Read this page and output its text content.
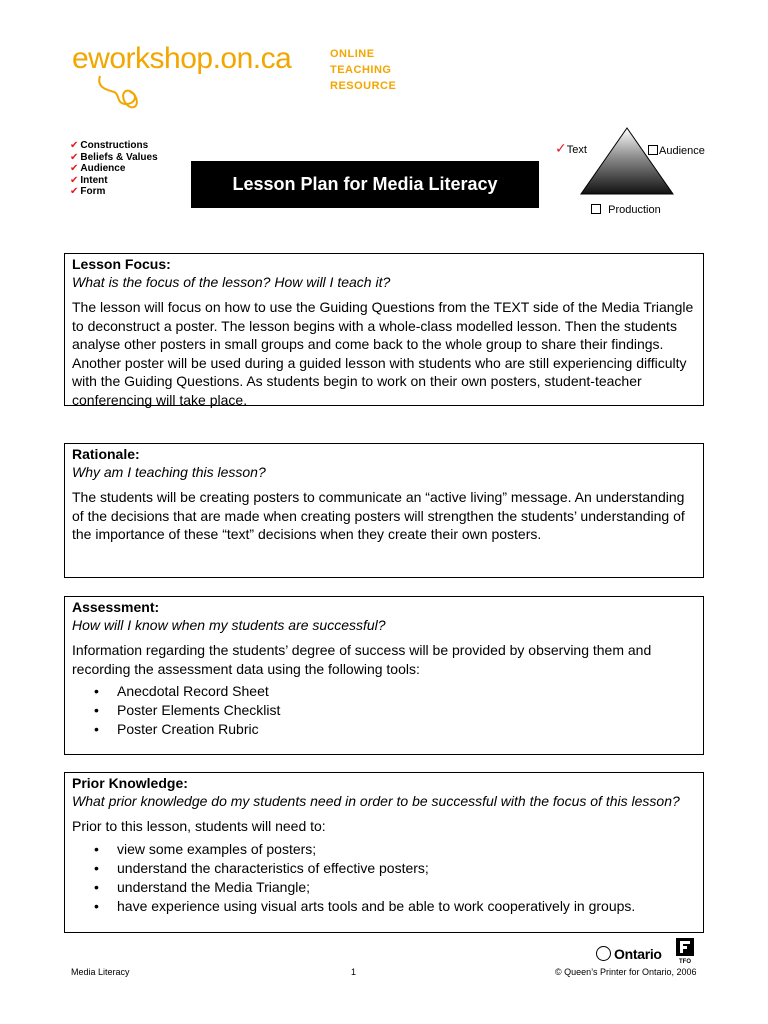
eworkshop.on.ca	ONLINE
TEACHING
RESOURCE
✔ Constructions
✔ Beliefs & Values
✔ Audience
✔ Intent
✔ Form	Lesson Plan for Media Literacy
✓Text	Audience
Production
Lesson Focus:
What is the focus of the lesson? How will I teach it?
The lesson will focus on how to use the Guiding Questions from the TEXT side of the Media Triangle to deconstruct a poster. The lesson begins with a whole-class modelled lesson. Then the students analyse other posters in small groups and come back to the whole group to share their findings. Another poster will be used during a guided lesson with students who are still experiencing difficulty with the Guiding Questions. As students begin to work on their own posters, student-teacher conferencing will take place.
Rationale:
Why am I teaching this lesson?
The students will be creating posters to communicate an “active living” message. An understanding of the decisions that are made when creating posters will strengthen the students’ understanding of the importance of these “text” decisions when they create their own posters.
Assessment:
How will I know when my students are successful?
Information regarding the students’ degree of success will be provided by observing them and recording the assessment data using the following tools:
• Anecdotal Record Sheet
• Poster Elements Checklist
• Poster Creation Rubric
Prior Knowledge:
What prior knowledge do my students need in order to be successful with the focus of this lesson?
Prior to this lesson, students will need to:
• view some examples of posters;
• understand the characteristics of effective posters;
• understand the Media Triangle;
• have experience using visual arts tools and be able to work cooperatively in groups.
Ontario	TFO
Media Literacy	1	© Queen’s Printer for Ontario, 2006
